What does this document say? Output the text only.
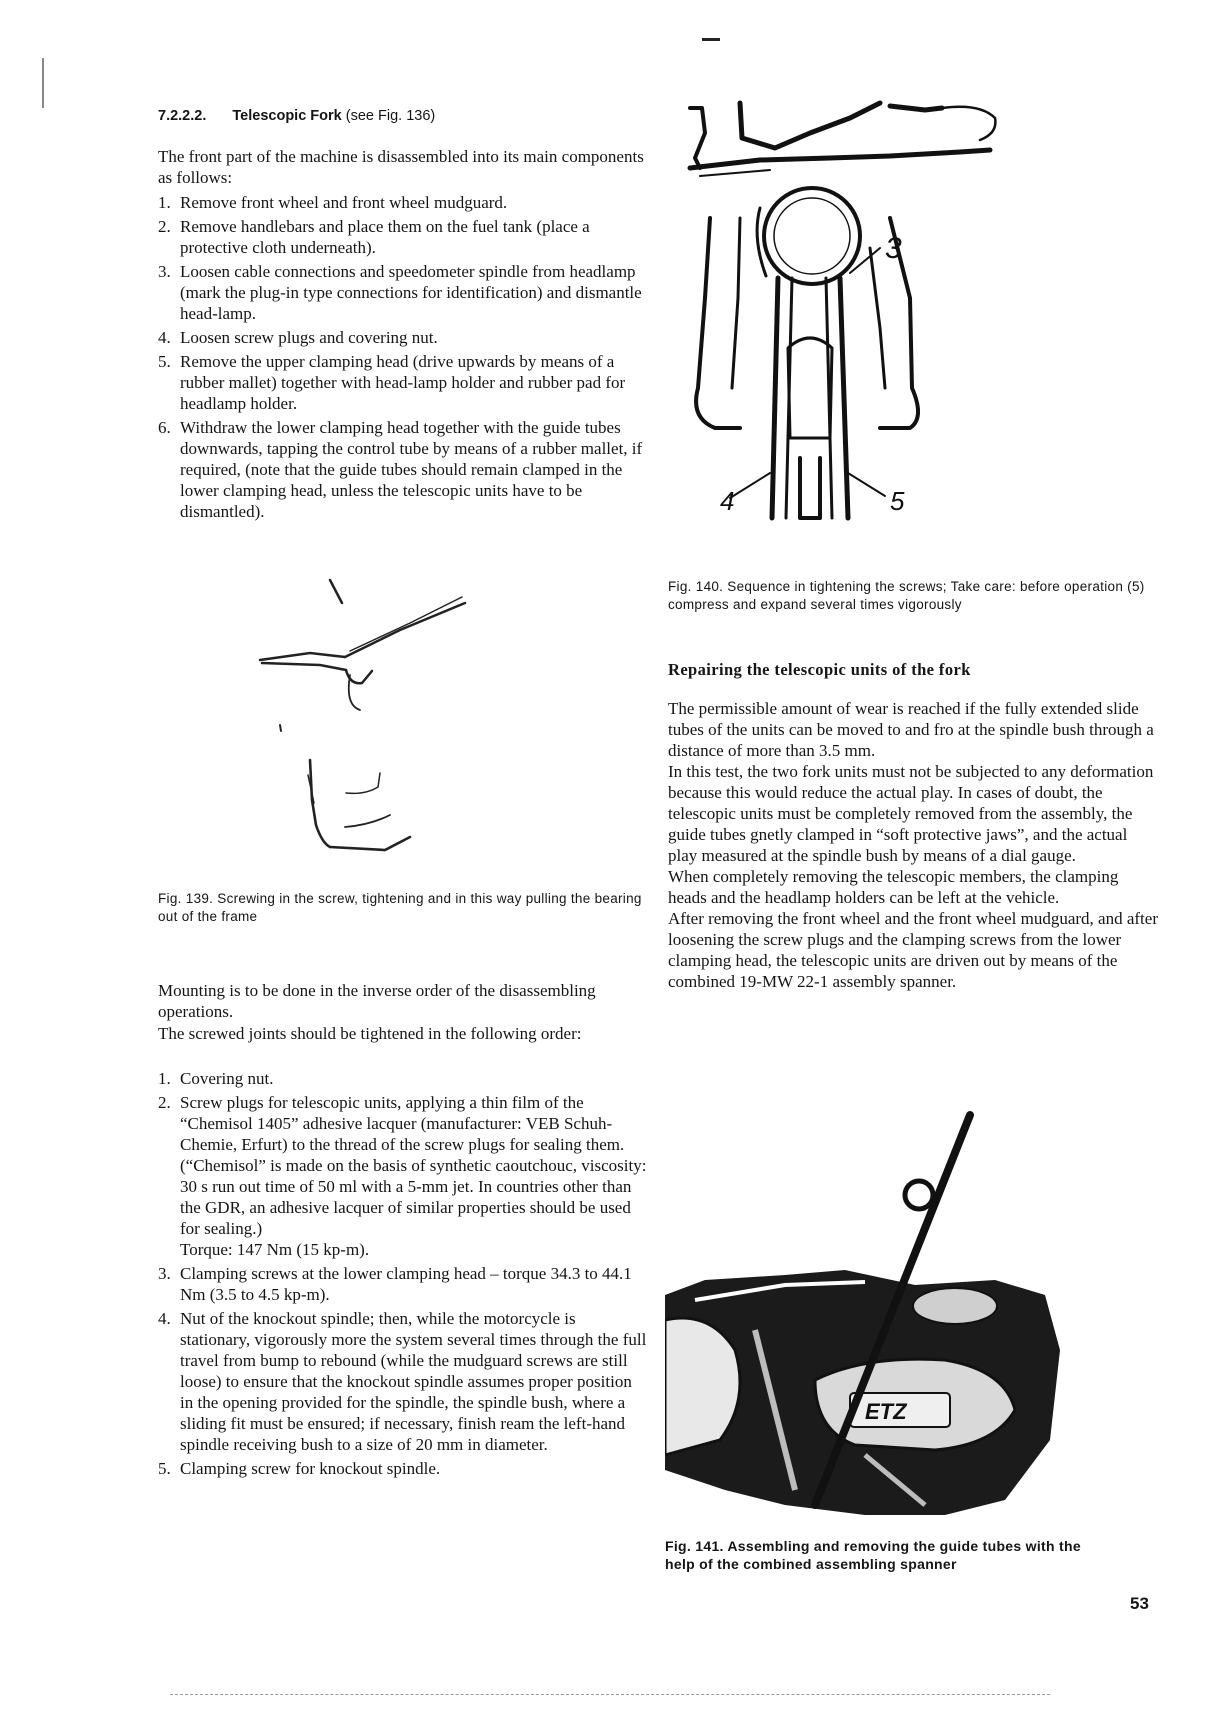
7.2.2.2. Telescopic Fork (see Fig. 136)
The front part of the machine is disassembled into its main components as follows:
1. Remove front wheel and front wheel mudguard.
2. Remove handlebars and place them on the fuel tank (place a protective cloth underneath).
3. Loosen cable connections and speedometer spindle from headlamp (mark the plug-in type connections for identification) and dismantle head-lamp.
4. Loosen screw plugs and covering nut.
5. Remove the upper clamping head (drive upwards by means of a rubber mallet) together with head-lamp holder and rubber pad for headlamp holder.
6. Withdraw the lower clamping head together with the guide tubes downwards, tapping the control tube by means of a rubber mallet, if required, (note that the guide tubes should remain clamped in the lower clamping head, unless the telescopic units have to be dismantled).
Fig. 139. Screwing in the screw, tightening and in this way pulling the bearing out of the frame
Mounting is to be done in the inverse order of the disassembling operations.
The screwed joints should be tightened in the following order:
1. Covering nut.
2. Screw plugs for telescopic units, applying a thin film of the “Chemisol 1405” adhesive lacquer (manufacturer: VEB Schuh-Chemie, Erfurt) to the thread of the screw plugs for sealing them.
(“Chemisol” is made on the basis of synthetic caoutchouc, viscosity: 30 s run out time of 50 ml with a 5-mm jet. In countries other than the GDR, an adhesive lacquer of similar properties should be used for sealing.)
Torque: 147 Nm (15 kp-m).
3. Clamping screws at the lower clamping head – torque 34.3 to 44.1 Nm (3.5 to 4.5 kp-m).
4. Nut of the knockout spindle; then, while the motorcycle is stationary, vigorously more the system several times through the full travel from bump to rebound (while the mudguard screws are still loose) to ensure that the knockout spindle assumes proper position in the opening provided for the spindle, the spindle bush, where a sliding fit must be ensured; if necessary, finish ream the left-hand spindle receiving bush to a size of 20 mm in diameter.
5. Clamping screw for knockout spindle.
3
4	5
Fig. 140. Sequence in tightening the screws; Take care: before operation (5) compress and expand several times vigorously
Repairing the telescopic units of the fork
The permissible amount of wear is reached if the fully extended slide tubes of the units can be moved to and fro at the spindle bush through a distance of more than 3.5 mm.
In this test, the two fork units must not be subjected to any deformation because this would reduce the actual play. In cases of doubt, the telescopic units must be completely removed from the assembly, the guide tubes gnetly clamped in “soft protective jaws”, and the actual play measured at the spindle bush by means of a dial gauge.
When completely removing the telescopic members, the clamping heads and the headlamp holders can be left at the vehicle.
After removing the front wheel and the front wheel mudguard, and after loosening the screw plugs and the clamping screws from the lower clamping head, the telescopic units are driven out by means of the combined 19-MW 22-1 assembly spanner.
ETZ
Fig. 141. Assembling and removing the guide tubes with the help of the combined assembling spanner
53
